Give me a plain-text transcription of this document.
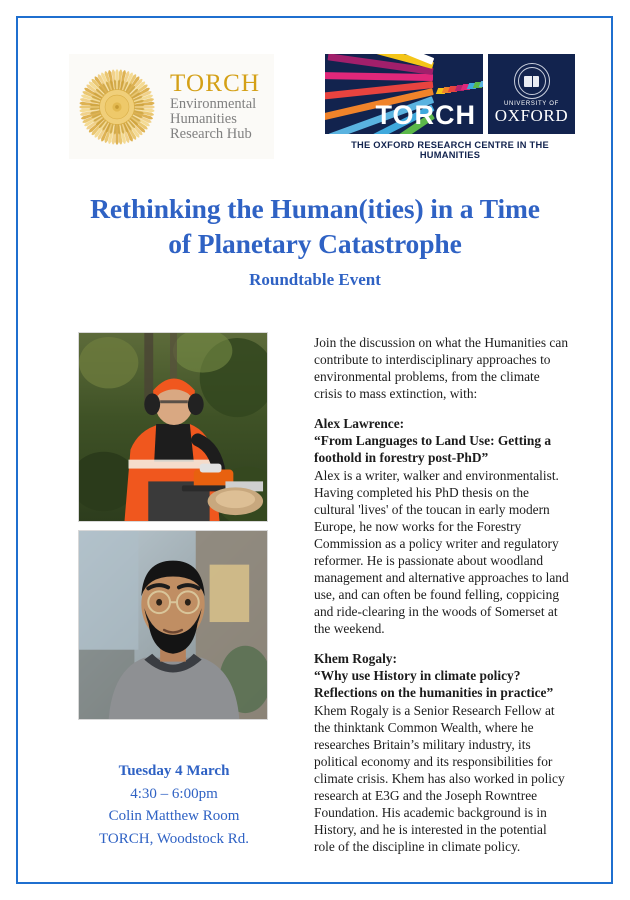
TORCH
Environmental
Humanities
Research Hub
TORCH	UNIVERSITY OF
OXFORD
THE OXFORD RESEARCH CENTRE IN THE HUMANITIES
Rethinking the Human(ities) in a Time
of Planetary Catastrophe
Roundtable Event

Join the discussion on what the Humanities can contribute to interdisciplinary approaches to environmental problems, from the climate crisis to mass extinction, with:

Alex Lawrence:

“From Languages to Land Use: Getting a foothold in forestry post-PhD”

Alex is a writer, walker and environmentalist. Having completed his PhD thesis on the cultural 'lives' of the toucan in early modern Europe, he now works for the Forestry Commission as a policy writer and regulatory reformer. He is passionate about woodland management and alternative approaches to land use, and can often be found felling, coppicing and ride-clearing in the woods of Somerset at the weekend.

Khem Rogaly:

“Why use History in climate policy? Reflections on the humanities in practice”

Khem Rogaly is a Senior Research Fellow at the thinktank Common Wealth, where he researches Britain’s military industry, its political economy and its responsibilities for climate crisis. Khem has also worked in policy research at E3G and the Joseph Rowntree Foundation. His academic background is in History, and he is interested in the potential role of the discipline in climate policy.

Tuesday 4 March
4:30 – 6:00pm
Colin Matthew Room
TORCH, Woodstock Rd.
